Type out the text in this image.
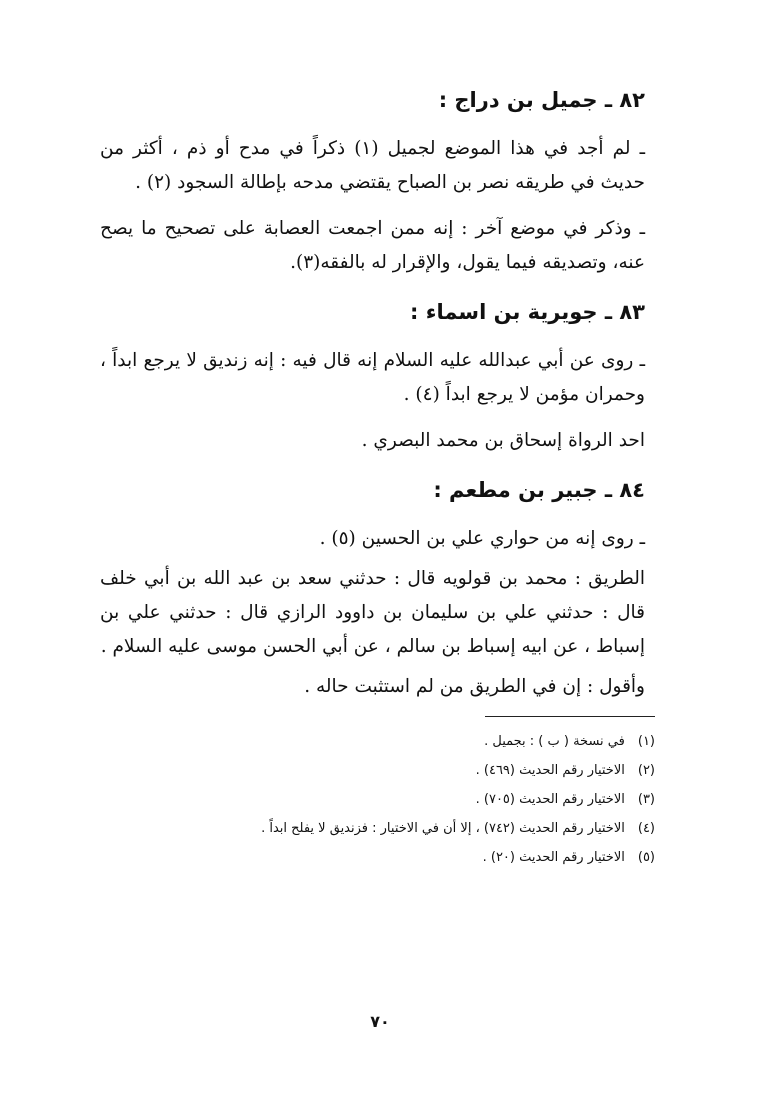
٨٢ ـ جميل بن دراج :

ـ لم أجد في هذا الموضع لجميل (١) ذكراً في مدح أو ذم ، أكثر من حديث في طريقه نصر بن الصباح يقتضي مدحه بإطالة السجود (٢) .

ـ وذكر في موضع آخر : إنه ممن اجمعت العصابة على تصحيح ما يصح عنه، وتصديقه فيما يقول، والإقرار له بالفقه(٣).

٨٣ ـ جويرية بن اسماء :

ـ روى عن أبي عبدالله عليه السلام إنه قال فيه : إنه زنديق لا يرجع ابداً ، وحمران مؤمن لا يرجع ابداً (٤) .

احد الرواة إسحاق بن محمد البصري .

٨٤ ـ جبير بن مطعم :

ـ روى إنه من حواري علي بن الحسين (٥) .

الطريق : محمد بن قولويه قال : حدثني سعد بن عبد الله بن أبي خلف قال : حدثني علي بن سليمان بن داوود الرازي قال : حدثني علي بن إسباط ، عن ابيه إسباط بن سالم ، عن أبي الحسن موسى عليه السلام .

وأقول : إن في الطريق من لم استثبت حاله .

(١) في نسخة ( ب ) : بجميل .
(٢) الاختيار رقم الحديث (٤٦٩) .
(٣) الاختيار رقم الحديث (٧٠٥) .
(٤) الاختيار رقم الحديث (٧٤٢) ، إلا أن في الاختيار : فزنديق لا يفلح ابداً .
(٥) الاختيار رقم الحديث (٢٠) .
٧٠
